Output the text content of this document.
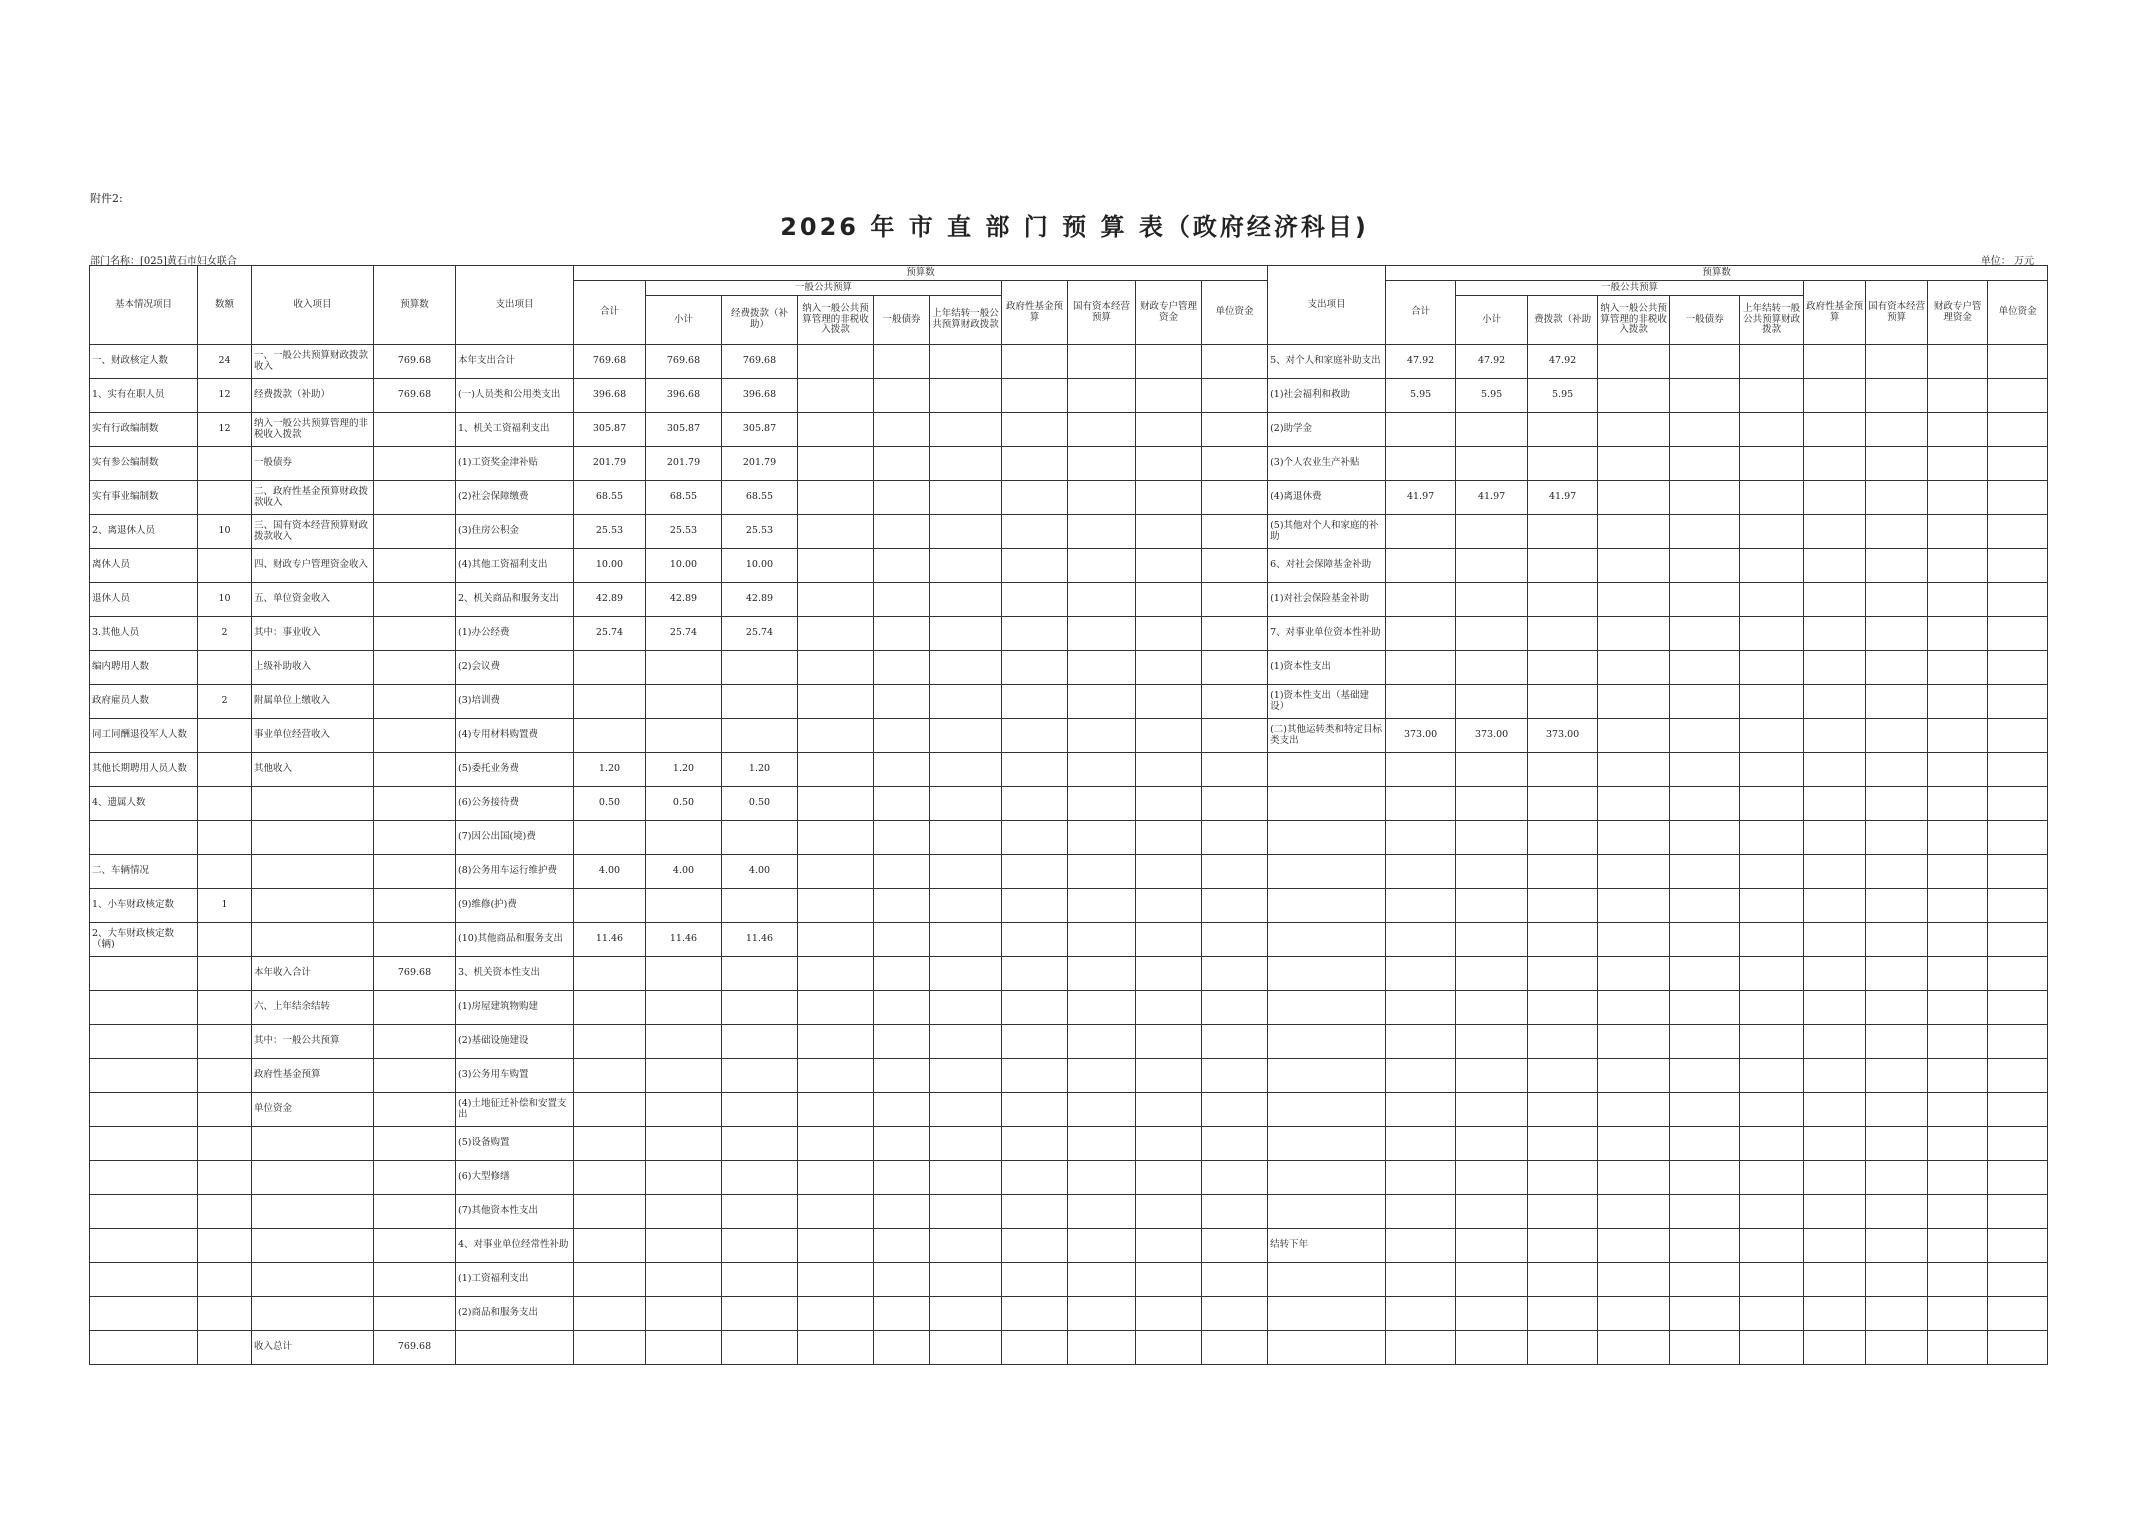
附件2:
2026 年 市 直 部 门 预 算 表（政府经济科目)
部门名称：[025]黄石市妇女联合	单位： 万元
基本情况项目	数额	收入项目	预算数	支出项目	预算数										支出项目	预算数									
					合计	一般公共预算					政府性基金预算	国有资本经营预算	财政专户管理资金	单位资金		合计	一般公共预算					政府性基金预算	国有资本经营预算	财政专户管理资金	单位资金
						小计	经费拨款（补助）	纳入一般公共预算管理的非税收入拨款	一般债券	上年结转一般公共预算财政拨款							小计	费拨款（补助	纳入一般公共预算管理的非税收入拨款	一般债券	上年结转一般公共预算财政拨款				
一、财政核定人数	24	一、一般公共预算财政拨款收入	769.68	本年支出合计	769.68	769.68	769.68								5、对个人和家庭补助支出	47.92	47.92	47.92							
1、实有在职人员	12	经费拨款（补助）	769.68	(一)人员类和公用类支出	396.68	396.68	396.68								(1)社会福利和救助	5.95	5.95	5.95							
实有行政编制数	12	纳入一般公共预算管理的非税收入拨款		1、机关工资福利支出	305.87	305.87	305.87								(2)助学金										
实有参公编制数		一般债券		(1)工资奖金津补贴	201.79	201.79	201.79								(3)个人农业生产补贴										
实有事业编制数		二、政府性基金预算财政拨款收入		(2)社会保障缴费	68.55	68.55	68.55								(4)离退休费	41.97	41.97	41.97							
2、离退休人员	10	三、国有资本经营预算财政拨款收入		(3)住房公积金	25.53	25.53	25.53								(5)其他对个人和家庭的补助										
离休人员		四、财政专户管理资金收入		(4)其他工资福利支出	10.00	10.00	10.00								6、对社会保障基金补助										
退休人员	10	五、单位资金收入		2、机关商品和服务支出	42.89	42.89	42.89								(1)对社会保险基金补助										
3.其他人员	2	其中：事业收入		(1)办公经费	25.74	25.74	25.74								7、对事业单位资本性补助										
编内聘用人数		上级补助收入		(2)会议费											(1)资本性支出										
政府雇员人数	2	附属单位上缴收入		(3)培训费											(1)资本性支出（基础建设）										
同工同酬退役军人人数		事业单位经营收入		(4)专用材料购置费											(二)其他运转类和特定目标类支出	373.00	373.00	373.00							
其他长期聘用人员人数		其他收入		(5)委托业务费	1.20	1.20	1.20																		
4、遗属人数				(6)公务接待费	0.50	0.50	0.50																		
				(7)因公出国(境)费																					
二、车辆情况				(8)公务用车运行维护费	4.00	4.00	4.00																		
1、小车财政核定数	1			(9)维修(护)费																					
2、大车财政核定数（辆)				(10)其他商品和服务支出	11.46	11.46	11.46																		
		本年收入合计	769.68	3、机关资本性支出																					
		六、上年结余结转		(1)房屋建筑物购建																					
		其中：一般公共预算		(2)基础设施建设																					
		政府性基金预算		(3)公务用车购置																					
		单位资金		(4)土地征迁补偿和安置支出																					
				(5)设备购置																					
				(6)大型修缮																					
				(7)其他资本性支出																					
				4、对事业单位经常性补助											结转下年										
				(1)工资福利支出																					
				(2)商品和服务支出																					
		收入总计	769.68																						
